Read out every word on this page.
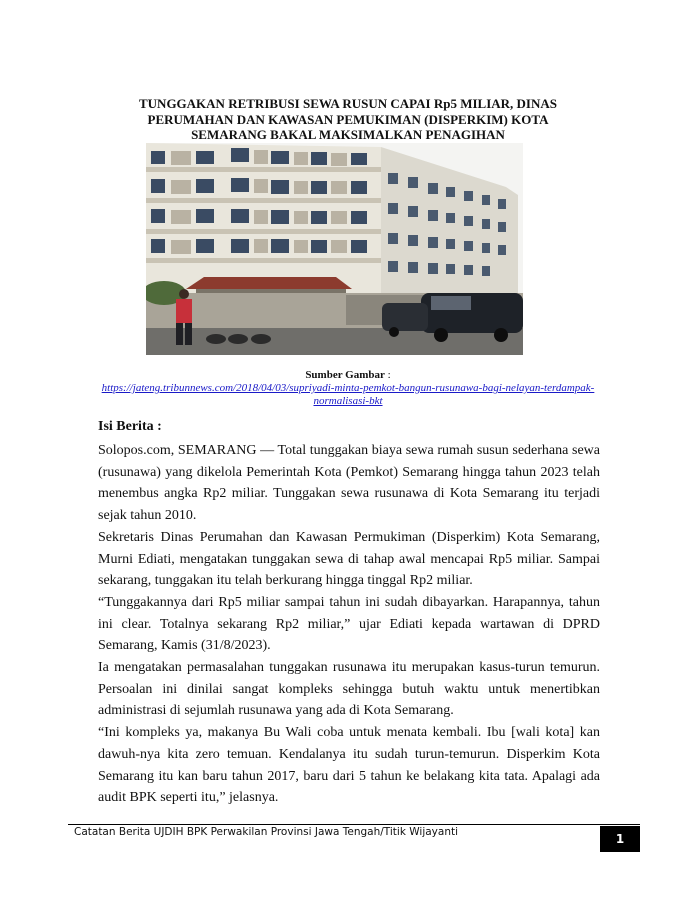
TUNGGAKAN RETRIBUSI SEWA RUSUN CAPAI Rp5 MILIAR, DINAS PERUMAHAN DAN KAWASAN PEMUKIMAN (DISPERKIM) KOTA SEMARANG BAKAL MAKSIMALKAN PENAGIHAN
Sumber Gambar :
https://jateng.tribunnews.com/2018/04/03/supriyadi-minta-pemkot-bangun-rusunawa-bagi-nelayan-terdampak-normalisasi-bkt
Isi Berita :

Solopos.com, SEMARANG — Total tunggakan biaya sewa rumah susun sederhana sewa (rusunawa) yang dikelola Pemerintah Kota (Pemkot) Semarang hingga tahun 2023 telah menembus angka Rp2 miliar. Tunggakan sewa rusunawa di Kota Semarang itu terjadi sejak tahun 2010.

Sekretaris Dinas Perumahan dan Kawasan Permukiman (Disperkim) Kota Semarang, Murni Ediati, mengatakan tunggakan sewa di tahap awal mencapai Rp5 miliar. Sampai sekarang, tunggakan itu telah berkurang hingga tinggal Rp2 miliar.

“Tunggakannya dari Rp5 miliar sampai tahun ini sudah dibayarkan. Harapannya, tahun ini clear. Totalnya sekarang Rp2 miliar,” ujar Ediati kepada wartawan di DPRD Semarang, Kamis (31/8/2023).

Ia mengatakan permasalahan tunggakan rusunawa itu merupakan kasus-turun temurun. Persoalan ini dinilai sangat kompleks sehingga butuh waktu untuk menertibkan administrasi di sejumlah rusunawa yang ada di Kota Semarang.

“Ini kompleks ya, makanya Bu Wali coba untuk menata kembali. Ibu [wali kota] kan dawuh-nya kita zero temuan. Kendalanya itu sudah turun-temurun. Disperkim Kota Semarang itu kan baru tahun 2017, baru dari 5 tahun ke belakang kita tata. Apalagi ada audit BPK seperti itu,” jelasnya.

Catatan Berita UJDIH BPK Perwakilan Provinsi Jawa Tengah/Titik Wijayanti	1
